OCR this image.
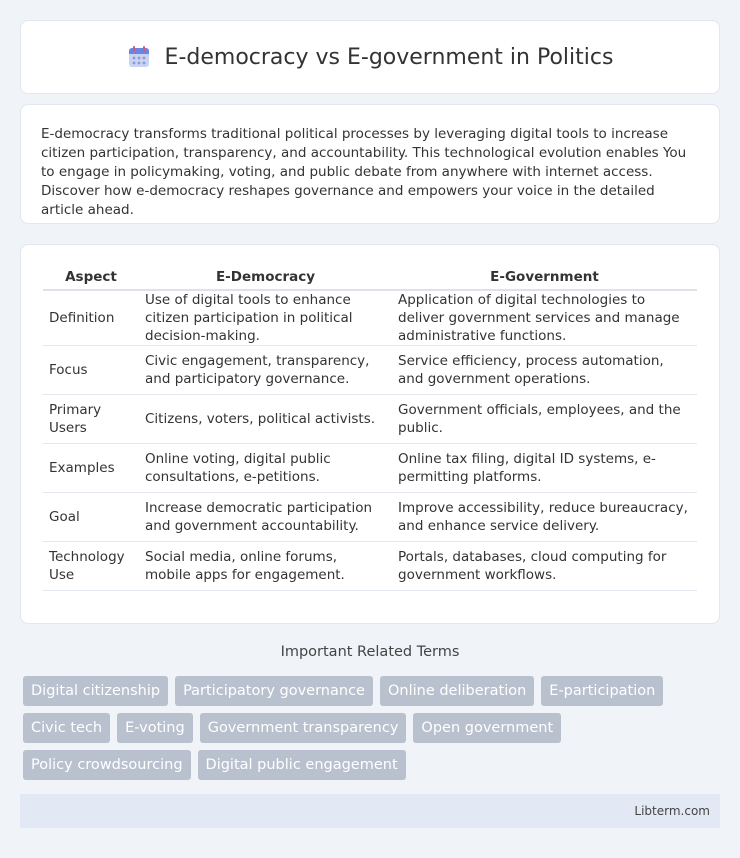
E-democracy vs E-government in Politics

E-democracy transforms traditional political processes by leveraging digital tools to increase citizen participation, transparency, and accountability. This technological evolution enables You to engage in policymaking, voting, and public debate from anywhere with internet access. Discover how e-democracy reshapes governance and empowers your voice in the detailed article ahead.

Aspect	E-Democracy	E-Government
Definition	Use of digital tools to enhance citizen participation in political decision-making.	Application of digital technologies to deliver government services and manage administrative functions.
Focus	Civic engagement, transparency, and participatory governance.	Service efficiency, process automation, and government operations.
Primary Users	Citizens, voters, political activists.	Government officials, employees, and the public.
Examples	Online voting, digital public consultations, e-petitions.	Online tax filing, digital ID systems, e-permitting platforms.
Goal	Increase democratic participation and government accountability.	Improve accessibility, reduce bureaucracy, and enhance service delivery.
Technology Use	Social media, online forums, mobile apps for engagement.	Portals, databases, cloud computing for government workflows.
Important Related Terms
Digital citizenship	Participatory governance	Online deliberation	E-participation
Civic tech	E-voting	Government transparency	Open government
Policy crowdsourcing	Digital public engagement
Libterm.com
